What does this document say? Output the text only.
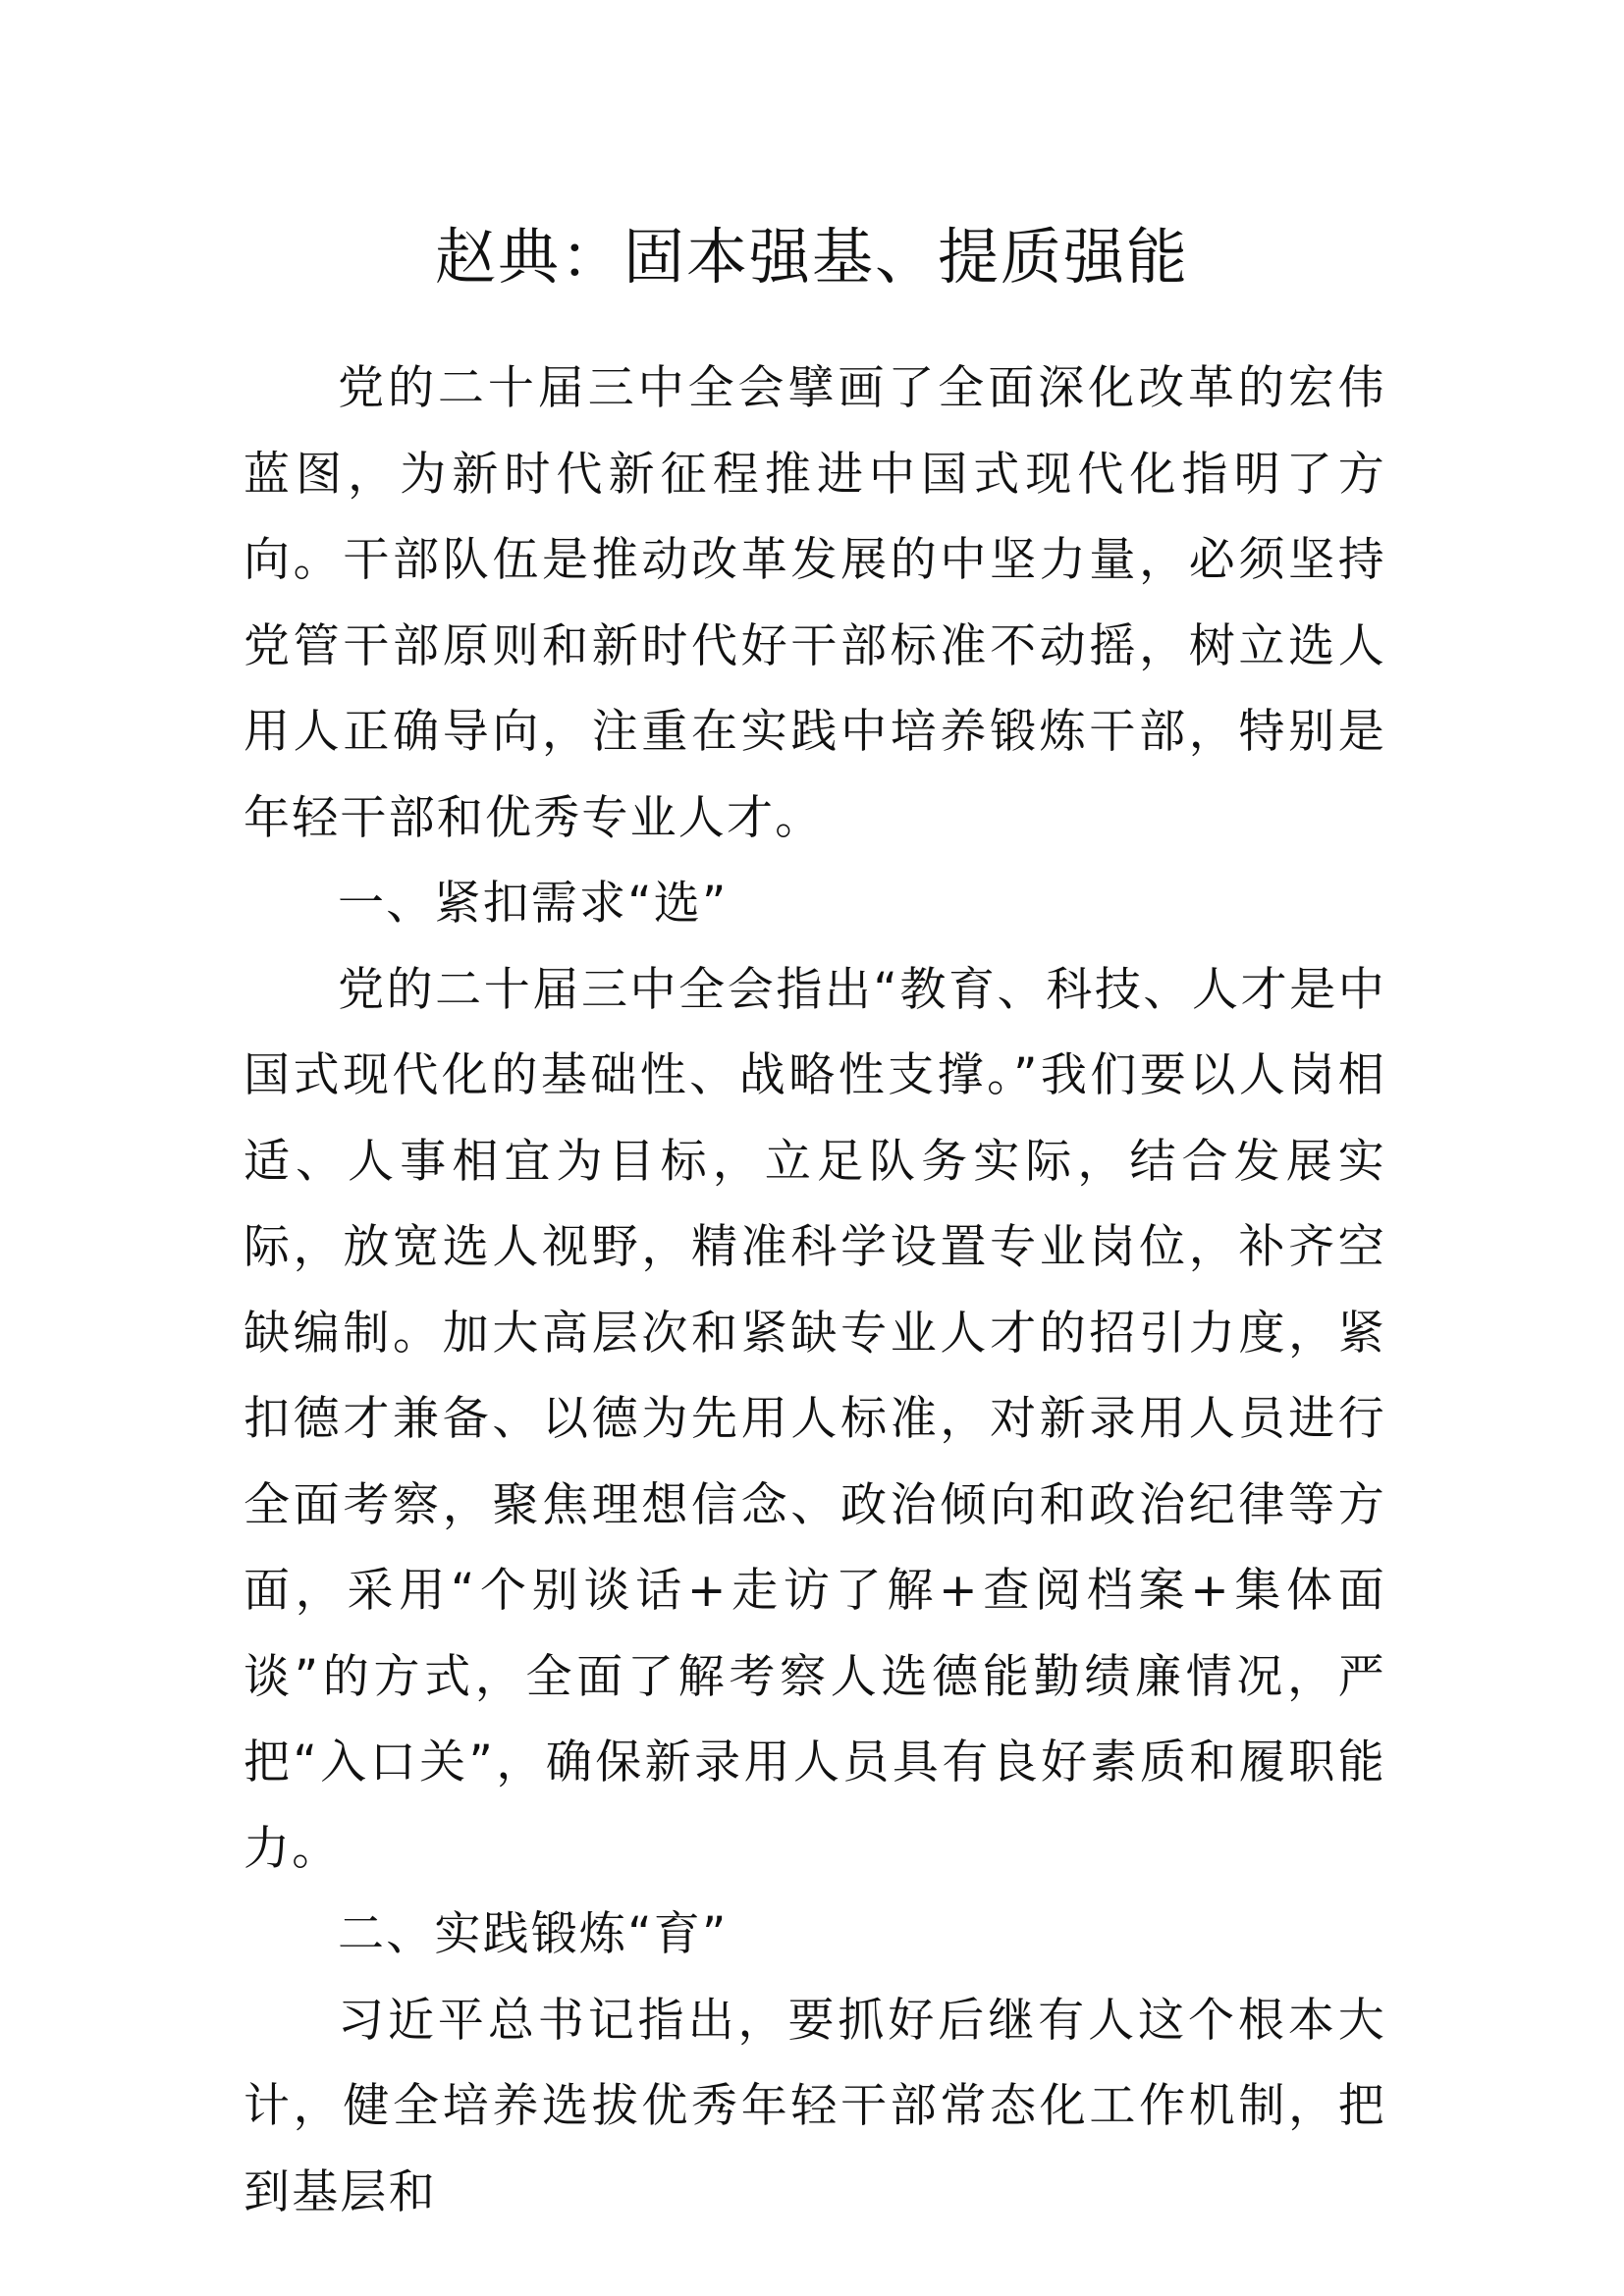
赵典：固本强基、提质强能

党的二十届三中全会擘画了全面深化改革的宏伟蓝图，为新时代新征程推进中国式现代化指明了方向。干部队伍是推动改革发展的中坚力量，必须坚持党管干部原则和新时代好干部标准不动摇，树立选人用人正确导向，注重在实践中培养锻炼干部，特别是年轻干部和优秀专业人才。

一、紧扣需求“选”

党的二十届三中全会指出“教育、科技、人才是中国式现代化的基础性、战略性支撑。”我们要以人岗相适、人事相宜为目标，立足队务实际，结合发展实际，放宽选人视野，精准科学设置专业岗位，补齐空缺编制。加大高层次和紧缺专业人才的招引力度，紧扣德才兼备、以德为先用人标准，对新录用人员进行全面考察，聚焦理想信念、政治倾向和政治纪律等方面，采用“个别谈话+走访了解+查阅档案+集体面谈”的方式，全面了解考察人选德能勤绩廉情况，严把“入口关”，确保新录用人员具有良好素质和履职能力。

二、实践锻炼“育”

习近平总书记指出，要抓好后继有人这个根本大计，健全培养选拔优秀年轻干部常态化工作机制，把到基层和
